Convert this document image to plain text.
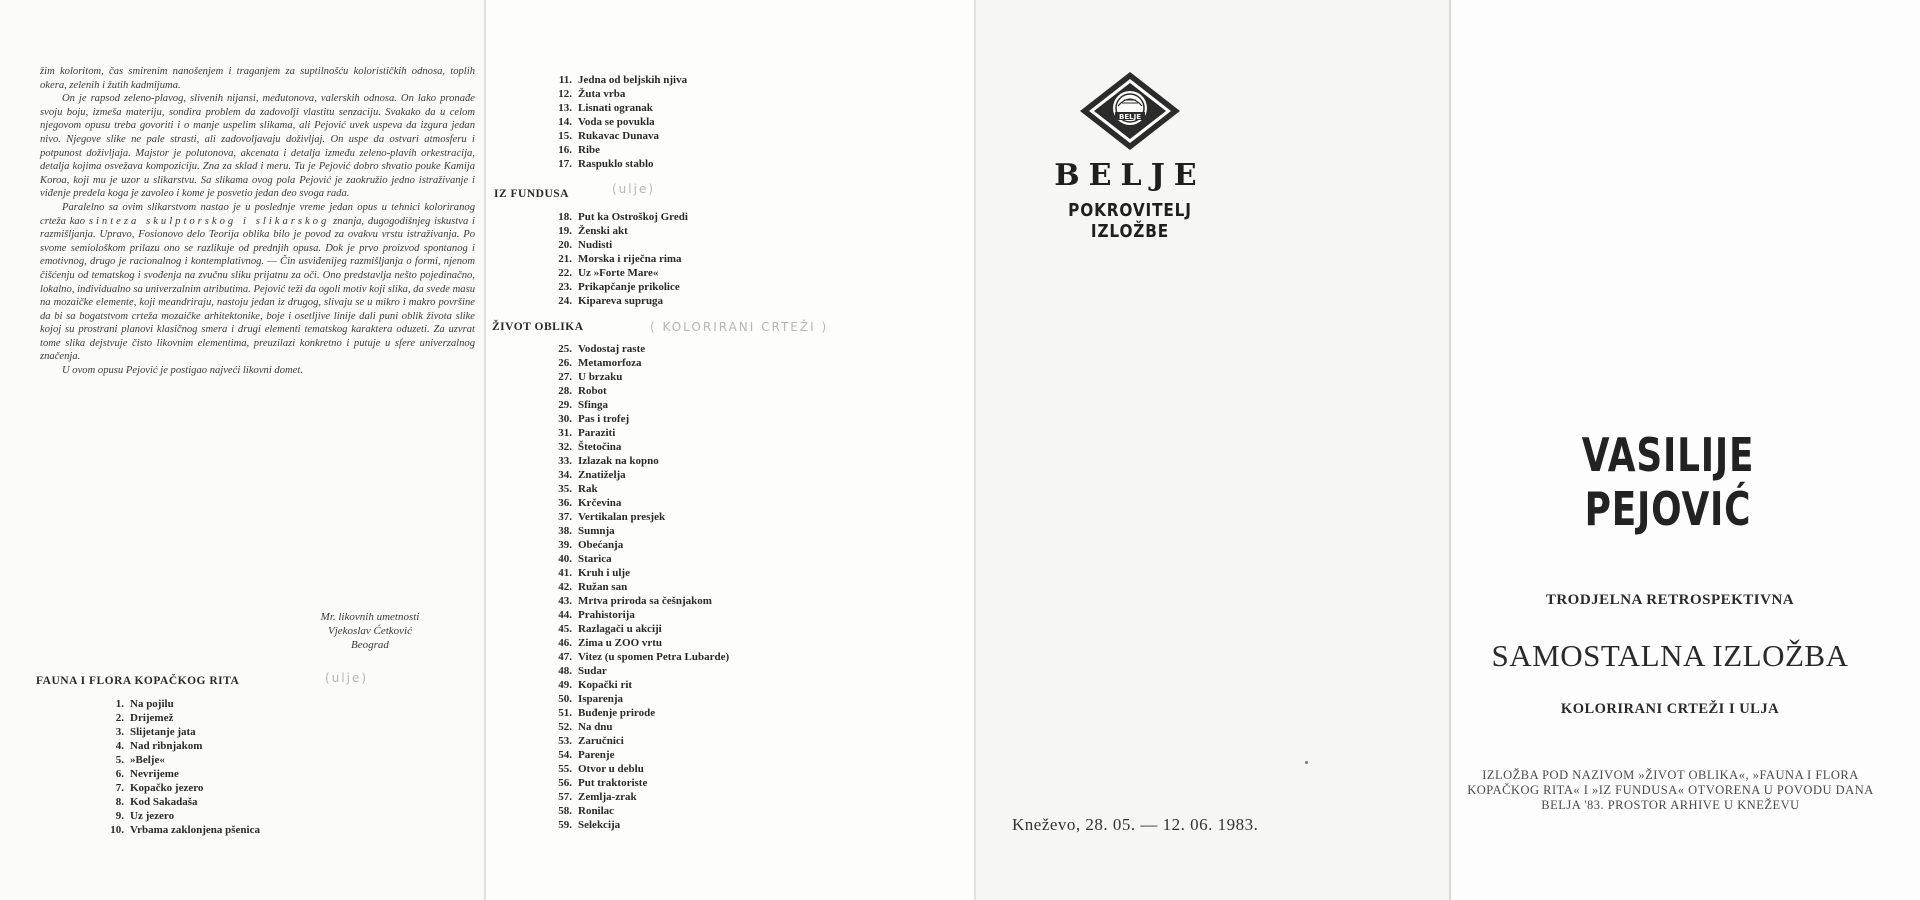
žim koloritom, čas smirenim nanošenjem i traganjem za suptilnošću kolorističkih odnosa, toplih okera, zelenih i žutih kadmijuma.

On je rapsod zeleno-plavog, slivenih nijansi, međutonova, valerskih odnosa. On lako pronađe svoju boju, izmeša materiju, sondira problem da zadovolji vlastitu senzaciju. Svakako da u celom njegovom opusu treba govoriti i o manje uspelim slikama, ali Pejović uvek uspeva da izgura jedan nivo. Njegove slike ne pale strasti, ali zadovoljavaju doživljaj. On uspe da ostvari atmosferu i potpunost doživljaja. Majstor je polutonova, akcenata i detalja između zeleno-plavih orkestracija, detalja kojima osvežava kompoziciju. Zna za sklad i meru. Tu je Pejović dobro shvatio pouke Kamija Koroa, koji mu je uzor u slikarstvu. Sa slikama ovog pola Pejović je zaokružio jedno istraživanje i viđenje predela koga je zavoleo i kome je posvetio jedan deo svoga rada.

Paralelno sa ovim slikarstvom nastao je u poslednje vreme jedan opus u tehnici koloriranog crteža kao sinteza skulptorskog i slikarskog znanja, dugogodišnjeg iskustva i razmišljanja. Upravo, Fosionovo delo Teorija oblika bilo je povod za ovakvu vrstu istraživanja. Po svome semiološkom prilazu ono se razlikuje od prednjih opusa. Dok je prvo proizvod spontanog i emotivnog, drugo je racionalnog i kontemplativnog. — Čin usviđenijeg razmišljanja o formi, njenom čišćenju od tematskog i svođenja na zvučnu sliku prijatnu za oči. Ono predstavlja nešto pojedinačno, lokalno, individualno sa univerzalnim atributima. Pejović teži da ogoli motiv koji slika, da svede masu na mozaičke elemente, koji meandriraju, nastoju jedan iz drugog, slivaju se u mikro i makro površine da bi sa bogatstvom crteža mozaičke arhitektonike, boje i osetljive linije dali puni oblik života slike kojoj su prostrani planovi klasičnog smera i drugi elementi tematskog karaktera oduzeti. Za uzvrat tome slika dejstvuje čisto likovnim elementima, preuzilazi konkretno i putuje u sfere univerzalnog značenja.

U ovom opusu Pejović je postigao najveći likovni domet.

Mr. likovnih umetnosti
Vjekoslav Ćetković
Beograd
FAUNA I FLORA KOPAČKOG RITA	(ulje)
1. Na pojilu
2. Drijemež
3. Slijetanje jata
4. Nad ribnjakom
5. »Belje«
6. Nevrijeme
7. Kopačko jezero
8. Kod Sakadaša
9. Uz jezero
10. Vrbama zaklonjena pšenica
11. Jedna od beljskih njiva
12. Žuta vrba
13. Lisnati ogranak
14. Voda se povukla
15. Rukavac Dunava
16. Ribe
17. Raspuklo stablo
IZ FUNDUSA	(ulje)
18. Put ka Ostroškoj Gredi
19. Ženski akt
20. Nudisti
21. Morska i riječna rima
22. Uz »Forte Mare«
23. Prikapčanje prikolice
24. Kipareva supruga
ŽIVOT OBLIKA	( KOLORIRANI CRTEŽI )
25. Vodostaj raste
26. Metamorfoza
27. U brzaku
28. Robot
29. Sfinga
30. Pas i trofej
31. Paraziti
32. Štetočina
33. Izlazak na kopno
34. Znatiželja
35. Rak
36. Krčevina
37. Vertikalan presjek
38. Sumnja
39. Obećanja
40. Starica
41. Kruh i ulje
42. Ružan san
43. Mrtva priroda sa češnjakom
44. Prahistorija
45. Razlagači u akciji
46. Zima u ZOO vrtu
47. Vitez (u spomen Petra Lubarde)
48. Sudar
49. Kopački rit
50. Isparenja
51. Buđenje prirode
52. Na dnu
53. Zaručnici
54. Parenje
55. Otvor u deblu
56. Put traktoriste
57. Zemlja-zrak
58. Ronilac
59. Selekcija
BELJE
BELJE
POKROVITELJ IZLOŽBE
Kneževo, 28. 05. — 12. 06. 1983.
VASILIJE PEJOVIĆ
TRODJELNA RETROSPEKTIVNA
SAMOSTALNA IZLOŽBA
KOLORIRANI CRTEŽI I ULJA
IZLOŽBA POD NAZIVOM »ŽIVOT OBLIKA«, »FAUNA I FLORA KOPAČKOG RITA« I »IZ FUNDUSA« OTVORENA U POVODU DANA BELJA '83. PROSTOR ARHIVE U KNEŽEVU
